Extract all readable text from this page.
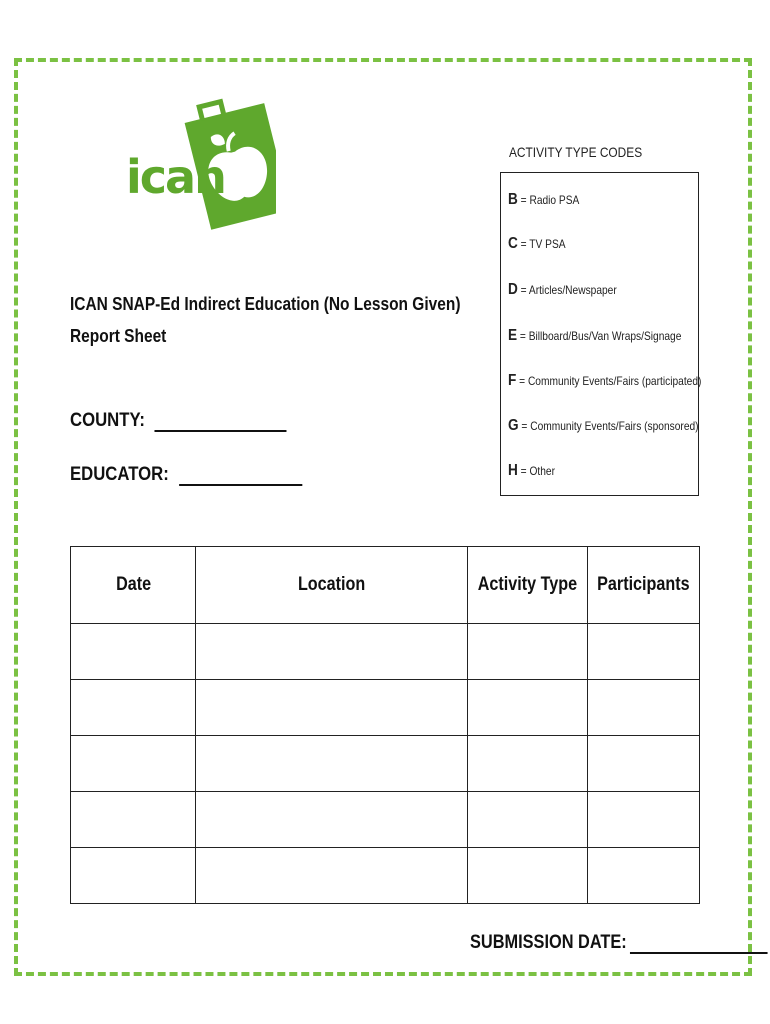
ican
ICAN SNAP-Ed Indirect Education (No Lesson Given)
Report Sheet
COUNTY:
EDUCATOR:
ACTIVITY TYPE CODES
B = Radio PSA
C = TV PSA
D = Articles/Newspaper
E = Billboard/Bus/Van Wraps/Signage
F = Community Events/Fairs (participated)
G = Community Events/Fairs (sponsored)
H = Other
Date	Location	Activity Type	Participants

SUBMISSION DATE:
